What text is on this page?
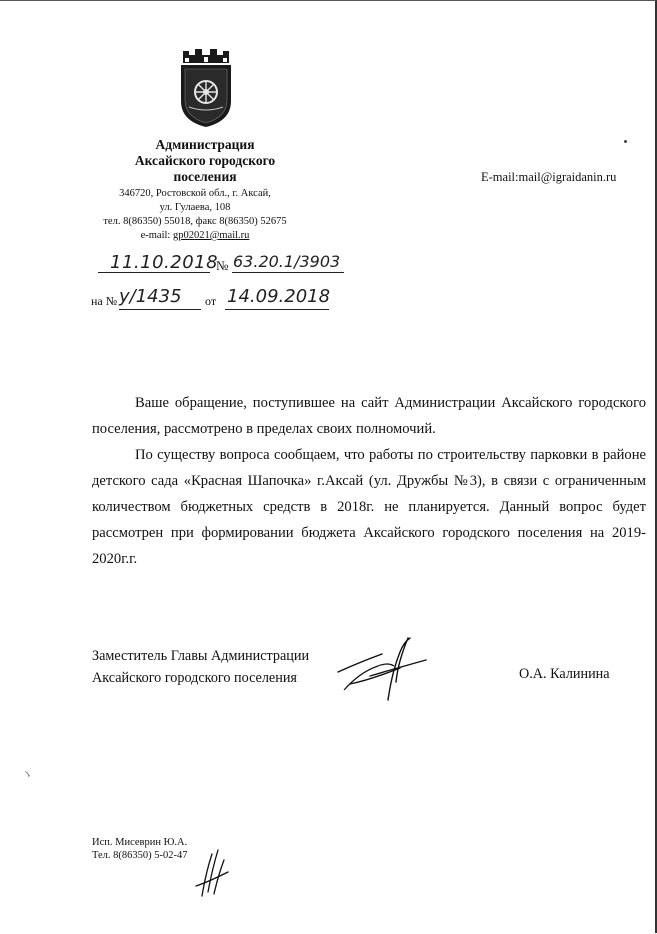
Администрация
Аксайского городского
поселения
346720, Ростовской обл., г. Аксай,
ул. Гулаева, 108
тел. 8(86350) 55018, факс 8(86350) 52675
e-mail: gp02021@mail.ru
E-mail:mail@igraidanin.ru
11.10.2018
№ 63.20.1/3903
на № y/1435 от 14.09.2018

Ваше обращение, поступившее на сайт Администрации Аксайского городского поселения, рассмотрено в пределах своих полномочий.

По существу вопроса сообщаем, что работы по строительству парковки в районе детского сада «Красная Шапочка» г.Аксай (ул. Дружбы №3), в связи с ограниченным количеством бюджетных средств в 2018г. не планируется. Данный вопрос будет рассмотрен при формировании бюджета Аксайского городского поселения на 2019-2020г.г.

Заместитель Главы Администрации
Аксайского городского поселения	О.А. Калинина
Исп. Мисеврин Ю.А.
Тел. 8(86350) 5-02-47
